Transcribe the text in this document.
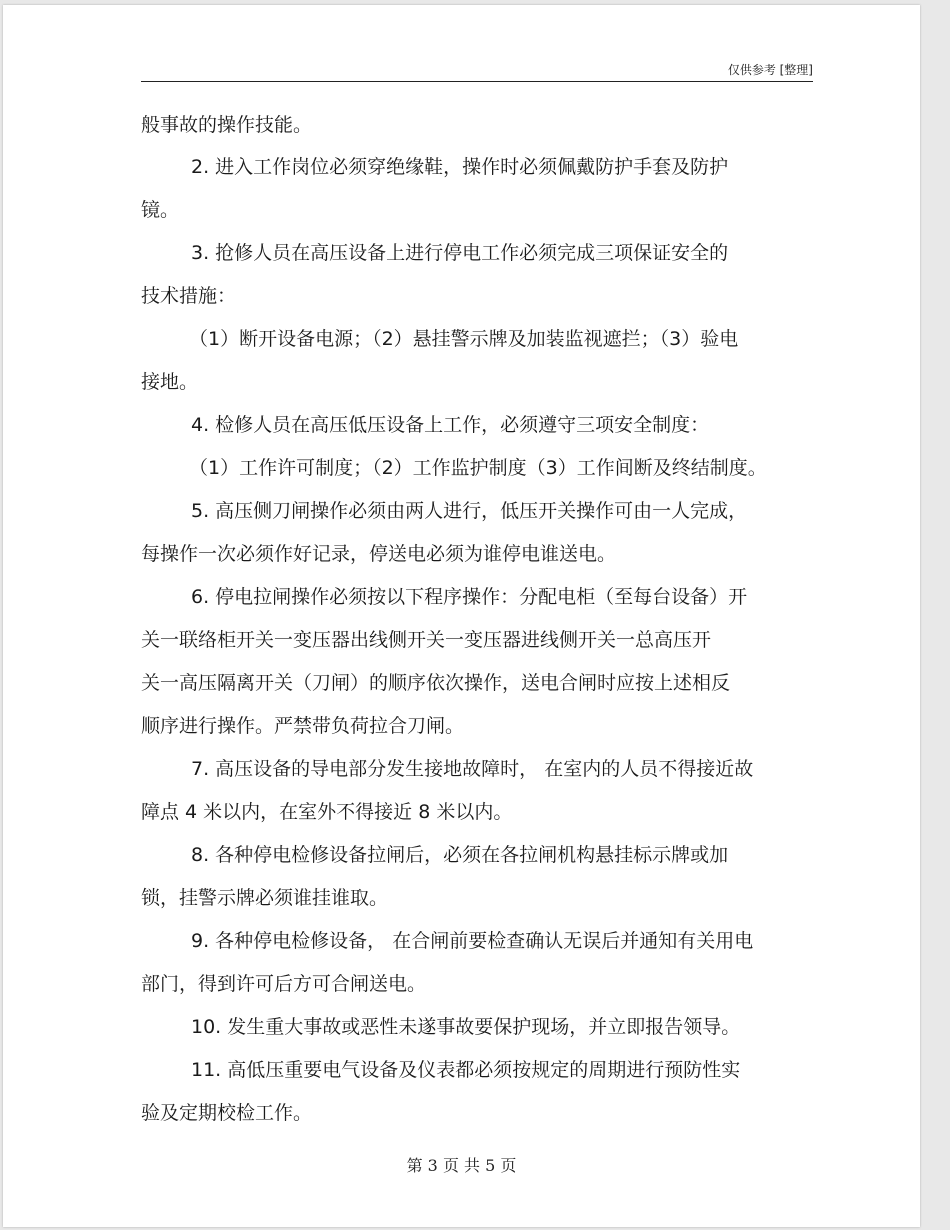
仅供参考 [整理]
般事故的操作技能。
2. 进入工作岗位必须穿绝缘鞋，操作时必须佩戴防护手套及防护
镜。
3. 抢修人员在高压设备上进行停电工作必须完成三项保证安全的
技术措施：
（1）断开设备电源；（2）悬挂警示牌及加装监视遮拦；（3）验电
接地。
4. 检修人员在高压低压设备上工作，必须遵守三项安全制度：
（1）工作许可制度；（2）工作监护制度（3）工作间断及终结制度。
5. 高压侧刀闸操作必须由两人进行，低压开关操作可由一人完成，
每操作一次必须作好记录，停送电必须为谁停电谁送电。
6. 停电拉闸操作必须按以下程序操作：分配电柜（至每台设备）开
关一联络柜开关一变压器出线侧开关一变压器进线侧开关一总高压开
关一高压隔离开关（刀闸）的顺序依次操作，送电合闸时应按上述相反
顺序进行操作。严禁带负荷拉合刀闸。
7. 高压设备的导电部分发生接地故障时， 在室内的人员不得接近故
障点 4 米以内，在室外不得接近 8 米以内。
8. 各种停电检修设备拉闸后，必须在各拉闸机构悬挂标示牌或加
锁，挂警示牌必须谁挂谁取。
9. 各种停电检修设备， 在合闸前要检查确认无误后并通知有关用电
部门，得到许可后方可合闸送电。
10. 发生重大事故或恶性未遂事故要保护现场，并立即报告领导。
11. 高低压重要电气设备及仪表都必须按规定的周期进行预防性实
验及定期校检工作。
第 3 页 共 5 页
